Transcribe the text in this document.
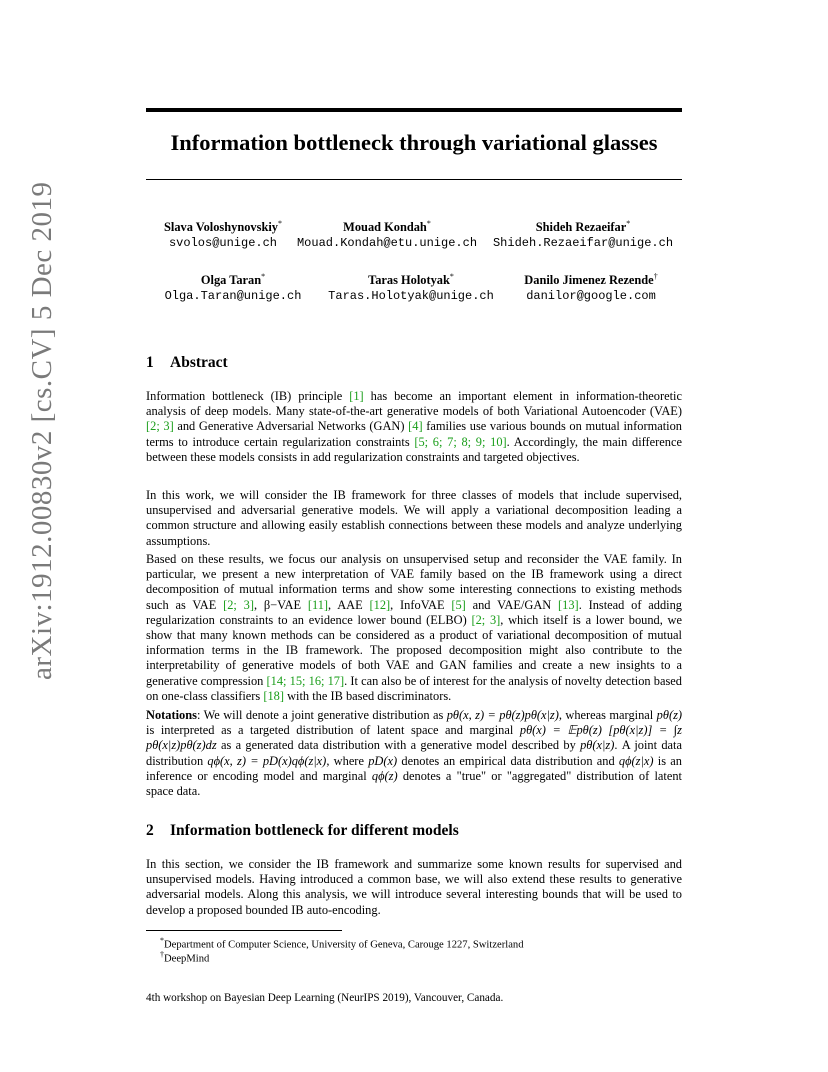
arXiv:1912.00830v2 [cs.CV] 5 Dec 2019
Information bottleneck through variational glasses
Slava Voloshynovskiy*
svolos@unige.ch
Mouad Kondah*
Mouad.Kondah@etu.unige.ch
Shideh Rezaeifar*
Shideh.Rezaeifar@unige.ch
Olga Taran*
Olga.Taran@unige.ch
Taras Holotyak*
Taras.Holotyak@unige.ch
Danilo Jimenez Rezende†
danilor@google.com
1 Abstract
Information bottleneck (IB) principle [1] has become an important element in information-theoretic analysis of deep models. Many state-of-the-art generative models of both Variational Autoencoder (VAE) [2; 3] and Generative Adversarial Networks (GAN) [4] families use various bounds on mutual information terms to introduce certain regularization constraints [5; 6; 7; 8; 9; 10]. Accordingly, the main difference between these models consists in add regularization constraints and targeted objectives.
In this work, we will consider the IB framework for three classes of models that include supervised, unsupervised and adversarial generative models. We will apply a variational decomposition leading a common structure and allowing easily establish connections between these models and analyze underlying assumptions.
Based on these results, we focus our analysis on unsupervised setup and reconsider the VAE family. In particular, we present a new interpretation of VAE family based on the IB framework using a direct decomposition of mutual information terms and show some interesting connections to existing methods such as VAE [2; 3], β−VAE [11], AAE [12], InfoVAE [5] and VAE/GAN [13]. Instead of adding regularization constraints to an evidence lower bound (ELBO) [2; 3], which itself is a lower bound, we show that many known methods can be considered as a product of variational decomposition of mutual information terms in the IB framework. The proposed decomposition might also contribute to the interpretability of generative models of both VAE and GAN families and create a new insights to a generative compression [14; 15; 16; 17]. It can also be of interest for the analysis of novelty detection based on one-class classifiers [18] with the IB based discriminators.
Notations: We will denote a joint generative distribution as pθ(x, z) = pθ(z)pθ(x|z), whereas marginal pθ(z) is interpreted as a targeted distribution of latent space and marginal pθ(x) = 𝔼pθ(z) [pθ(x|z)] = ∫z pθ(x|z)pθ(z)dz as a generated data distribution with a generative model described by pθ(x|z). A joint data distribution qϕ(x, z) = pD(x)qϕ(z|x), where pD(x) denotes an empirical data distribution and qϕ(z|x) is an inference or encoding model and marginal qϕ(z) denotes a "true" or "aggregated" distribution of latent space data.
2 Information bottleneck for different models
In this section, we consider the IB framework and summarize some known results for supervised and unsupervised models. Having introduced a common base, we will also extend these results to generative adversarial models. Along this analysis, we will introduce several interesting bounds that will be used to develop a proposed bounded IB auto-encoding.
*Department of Computer Science, University of Geneva, Carouge 1227, Switzerland
†DeepMind
4th workshop on Bayesian Deep Learning (NeurIPS 2019), Vancouver, Canada.
